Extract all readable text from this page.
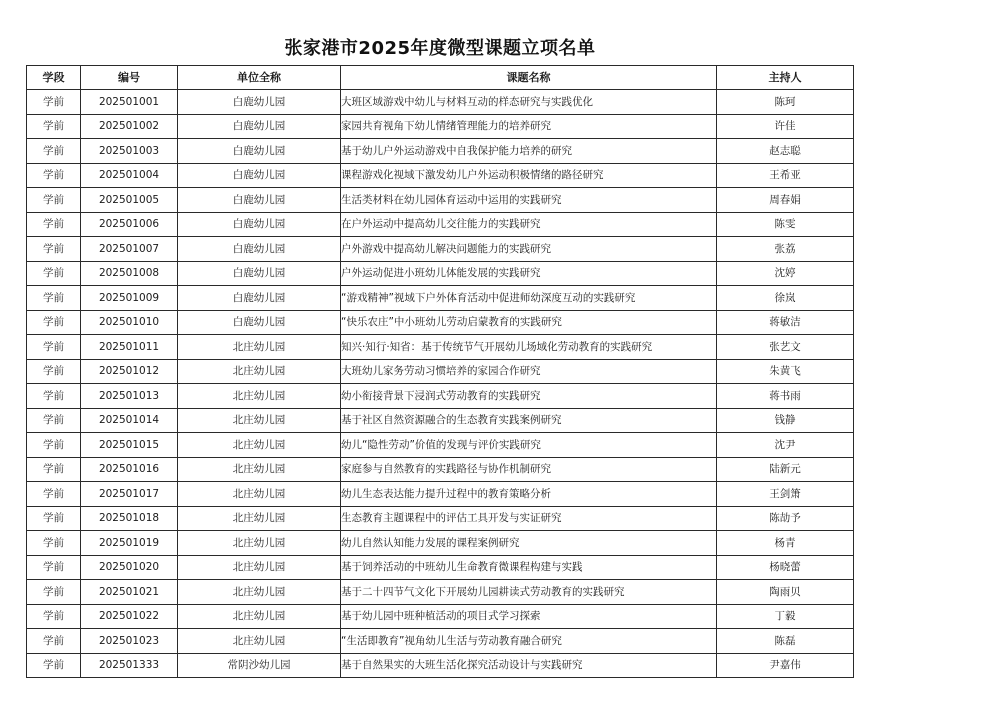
张家港市2025年度微型课题立项名单
学段	编号	单位全称	课题名称	主持人
学前	202501001	白鹿幼儿园	大班区域游戏中幼儿与材料互动的样态研究与实践优化	陈珂
学前	202501002	白鹿幼儿园	家园共育视角下幼儿情绪管理能力的培养研究	许佳
学前	202501003	白鹿幼儿园	基于幼儿户外运动游戏中自我保护能力培养的研究	赵志聪
学前	202501004	白鹿幼儿园	课程游戏化视域下激发幼儿户外运动积极情绪的路径研究	王希亚
学前	202501005	白鹿幼儿园	生活类材料在幼儿园体育运动中运用的实践研究	周春娟
学前	202501006	白鹿幼儿园	在户外运动中提高幼儿交往能力的实践研究	陈雯
学前	202501007	白鹿幼儿园	户外游戏中提高幼儿解决问题能力的实践研究	张荔
学前	202501008	白鹿幼儿园	户外运动促进小班幼儿体能发展的实践研究	沈婷
学前	202501009	白鹿幼儿园	“游戏精神”视域下户外体育活动中促进师幼深度互动的实践研究	徐岚
学前	202501010	白鹿幼儿园	“快乐农庄”中小班幼儿劳动启蒙教育的实践研究	蒋敏洁
学前	202501011	北庄幼儿园	知兴·知行·知省：基于传统节气开展幼儿场域化劳动教育的实践研究	张艺文
学前	202501012	北庄幼儿园	大班幼儿家务劳动习惯培养的家园合作研究	朱黄飞
学前	202501013	北庄幼儿园	幼小衔接背景下浸润式劳动教育的实践研究	蒋书雨
学前	202501014	北庄幼儿园	基于社区自然资源融合的生态教育实践案例研究	钱静
学前	202501015	北庄幼儿园	幼儿“隐性劳动”价值的发现与评价实践研究	沈尹
学前	202501016	北庄幼儿园	家庭参与自然教育的实践路径与协作机制研究	陆新元
学前	202501017	北庄幼儿园	幼儿生态表达能力提升过程中的教育策略分析	王剑箫
学前	202501018	北庄幼儿园	生态教育主题课程中的评估工具开发与实证研究	陈劼予
学前	202501019	北庄幼儿园	幼儿自然认知能力发展的课程案例研究	杨青
学前	202501020	北庄幼儿园	基于饲养活动的中班幼儿生命教育微课程构建与实践	杨晓蕾
学前	202501021	北庄幼儿园	基于二十四节气文化下开展幼儿园耕读式劳动教育的实践研究	陶雨贝
学前	202501022	北庄幼儿园	基于幼儿园中班种植活动的项目式学习探索	丁毅
学前	202501023	北庄幼儿园	“生活即教育”视角幼儿生活与劳动教育融合研究	陈磊
学前	202501333	常阴沙幼儿园	基于自然果实的大班生活化探究活动设计与实践研究	尹嘉伟
